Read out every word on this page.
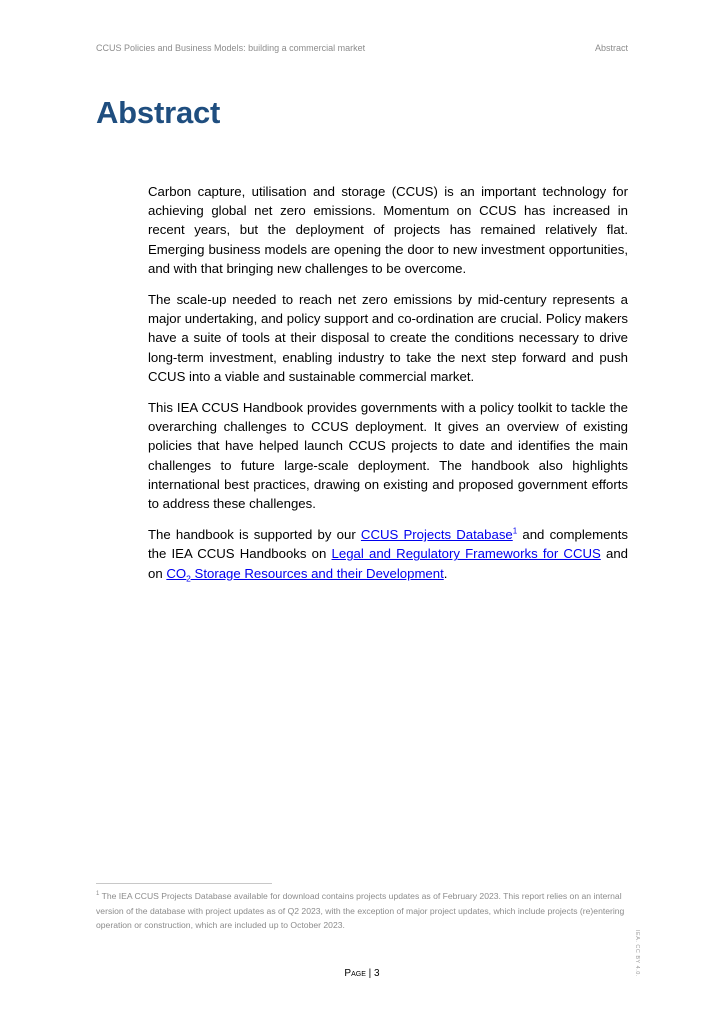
CCUS Policies and Business Models: building a commercial market	Abstract
Abstract

Carbon capture, utilisation and storage (CCUS) is an important technology for achieving global net zero emissions. Momentum on CCUS has increased in recent years, but the deployment of projects has remained relatively flat. Emerging business models are opening the door to new investment opportunities, and with that bringing new challenges to be overcome.

The scale-up needed to reach net zero emissions by mid-century represents a major undertaking, and policy support and co-ordination are crucial. Policy makers have a suite of tools at their disposal to create the conditions necessary to drive long-term investment, enabling industry to take the next step forward and push CCUS into a viable and sustainable commercial market.

This IEA CCUS Handbook provides governments with a policy toolkit to tackle the overarching challenges to CCUS deployment. It gives an overview of existing policies that have helped launch CCUS projects to date and identifies the main challenges to future large-scale deployment. The handbook also highlights international best practices, drawing on existing and proposed government efforts to address these challenges.

The handbook is supported by our CCUS Projects Database$^1$ and complements the IEA CCUS Handbooks on Legal and Regulatory Frameworks for CCUS and on $CO_2$ Storage Resources and their Development.

$^1$ The IEA CCUS Projects Database available for download contains projects updates as of February 2023. This report relies on an internal version of the database with project updates as of Q2 2023, with the exception of major project updates, which include projects (re)entering operation or construction, which are included up to October 2023.
Page | 3	IEA. CC BY 4.0.
